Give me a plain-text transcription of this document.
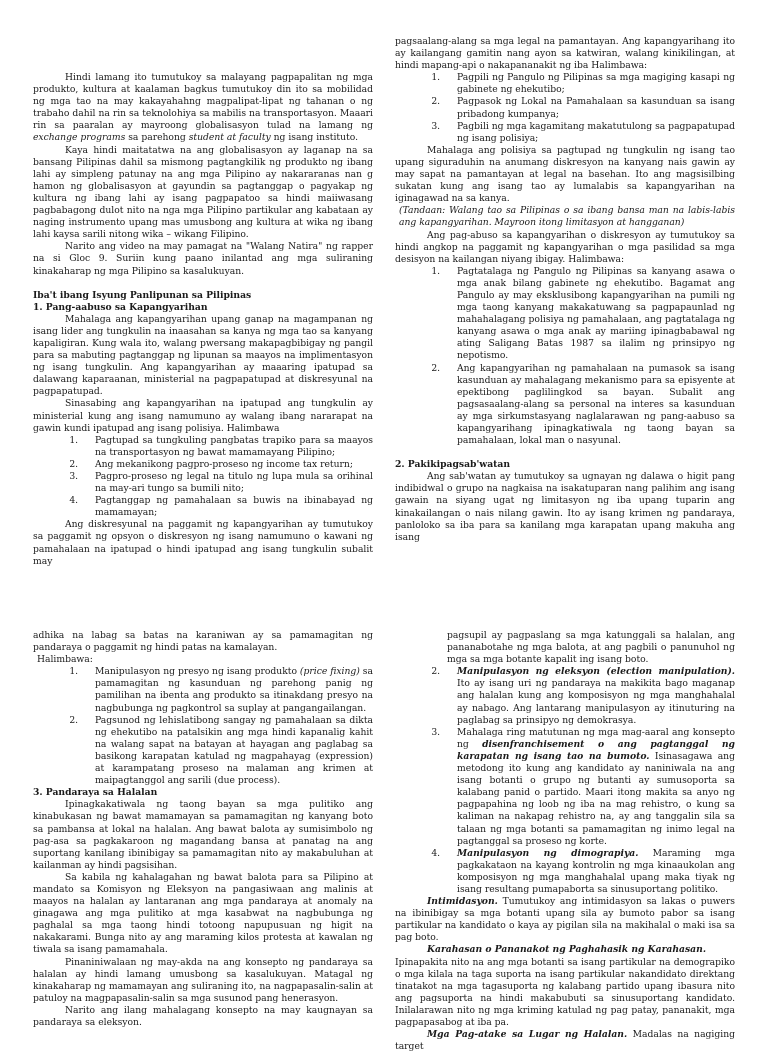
Hindi lamang ito tumutukoy sa malayang pagpapalitan ng mga produkto, kultura at kaalaman bagkus tumutukoy din ito sa mobilidad ng mga tao na may kakayahahng magpalipat-lipat ng tahanan o ng trabaho dahil na rin sa teknolohiya sa mabilis na transportasyon. Maaari rin sa paaralan ay mayroong globalisasyon tulad na lamang ng exchange programs sa parehong student at faculty ng isang instituto.

Kaya hindi maitatatwa na ang globalisasyon ay laganap na sa bansang Pilipinas dahil sa mismong pagtangkilik ng produkto ng ibang lahi ay simpleng patunay na ang mga Pilipino ay nakararanas nan g hamon ng globalisasyon at gayundin sa pagtanggap o pagyakap ng kultura ng ibang lahi ay isang pagpapatoo sa hindi maiiwasang pagbabagong dulot nito na nga mga Pilipino partikular ang kabataan ay naging instrumento upang mas umusbong ang kultura at wika ng ibang lahi kaysa sarili nitong wika – wikang Filipino.

Narito ang video na may pamagat na "Walang Natira" ng rapper na si Gloc 9. Suriin kung paano inilantad ang mga suliraning kinakaharap ng mga Pilipino sa kasalukuyan.

Iba't ibang Isyung Panlipunan sa Pilipinas

1. Pang-aabuso sa Kapangyarihan

Mahalaga ang kapangyarihan upang ganap na magampanan ng isang lider ang tungkulin na inaasahan sa kanya ng mga tao sa kanyang kapaligiran. Kung wala ito, walang pwersang makapagbibigay ng pangil para sa mabuting pagtanggap ng lipunan sa maayos na implimentasyon ng isang tungkulin. Ang kapangyarihan ay maaaring ipatupad sa dalawang kaparaanan, ministerial na pagpapatupad at diskresyunal na pagpapatupad.

Sinasabing ang kapangyarihan na ipatupad ang tungkulin ay ministerial kung ang isang namumuno ay walang ibang nararapat na gawin kundi ipatupad ang isang polisiya. Halimbawa

1. Pagtupad sa tungkuling pangbatas trapiko para sa maayos na transportasyon ng bawat mamamayang Pilipino;
2. Ang mekanikong pagpro-proseso ng income tax return;
3. Pagpro-proseso ng legal na titulo ng lupa mula sa orihinal na may-ari tungo sa bumili nito;
4. Pagtanggap ng pamahalaan sa buwis na ibinabayad ng mamamayan;

Ang diskresyunal na paggamit ng kapangyarihan ay tumutukoy sa paggamit ng opsyon o diskresyon ng isang namumuno o kawani ng pamahalaan na ipatupad o hindi ipatupad ang isang tungkulin subalit may

pagsaalang-alang sa mga legal na pamantayan. Ang kapangyarihang ito ay kailangang gamitin nang ayon sa katwiran, walang kinikilingan, at hindi mapang-api o nakapananakit ng iba Halimbawa:

1. Pagpili ng Pangulo ng Pilipinas sa mga magiging kasapi ng gabinete ng ehekutibo;
2. Pagpasok ng Lokal na Pamahalaan sa kasunduan sa isang pribadong kumpanya;
3. Pagbili ng mga kagamitang makatutulong sa pagpapatupad ng isang polisiya;

Mahalaga ang polisiya sa pagtupad ng tungkulin ng isang tao upang siguraduhin na anumang diskresyon na kanyang nais gawin ay may sapat na pamantayan at legal na basehan. Ito ang magsisilbing sukatan kung ang isang tao ay lumalabis sa kapangyarihan na iginagawad na sa kanya.

(Tandaan: Walang tao sa Pilipinas o sa ibang bansa man na labis-labis ang kapangyarihan. Mayroon itong limitasyon at hangganan)

Ang pag-abuso sa kapangyarihan o diskresyon ay tumutukoy sa hindi angkop na paggamit ng kapangyarihan o mga pasilidad sa mga desisyon na kailangan niyang ibigay. Halimbawa:

1. Pagtatalaga ng Pangulo ng Pilipinas sa kanyang asawa o mga anak bilang gabinete ng ehekutibo. Bagamat ang Pangulo ay may eksklusibong kapangyarihan na pumili ng mga taong kanyang makakatuwang sa pagpapaunlad ng mahahalagang polisiya ng pamahalaan, ang pagtatalaga ng kanyang asawa o mga anak ay mariing ipinagbabawal ng ating Saligang Batas 1987 sa ilalim ng prinsipyo ng nepotismo.
2. Ang kapangyarihan ng pamahalaan na pumasok sa isang kasunduan ay mahalagang mekanismo para sa episyente at epektibong paglilingkod sa bayan. Subalit ang pagsasaalang-alang sa personal na interes sa kasunduan ay mga sirkumstasyang naglalarawan ng pang-aabuso sa kapangyarihang ipinagkatiwala ng taong bayan sa pamahalaan, lokal man o nasyunal.

2. Pakikipagsab'watan

Ang sab'watan ay tumutukoy sa ugnayan ng dalawa o higit pang indibidwal o grupo na nagkaisa na isakatuparan nang palihim ang isang gawain na siyang ugat ng limitasyon ng iba upang tuparin ang kinakailangan o nais nilang gawin. Ito ay isang krimen ng pandaraya, panloloko sa iba para sa kanilang mga karapatan upang makuha ang isang

adhika na labag sa batas na karaniwan ay sa pamamagitan ng pandaraya o paggamit ng hindi patas na kamalayan.

Halimbawa:

1. Manipulasyon ng presyo ng isang produkto (price fixing) sa pamamagitan ng kasunduan ng parehong panig ng pamilihan na ibenta ang produkto sa itinakdang presyo na nagbubunga ng pagkontrol sa suplay at pangangailangan.
2. Pagsunod ng lehislatibong sangay ng pamahalaan sa dikta ng ehekutibo na patalsikin ang mga hindi kapanalig kahit na walang sapat na batayan at hayagan ang paglabag sa basikong karapatan katulad ng magpahayag (expression) at karampatang proseso na malaman ang krimen at maipagtanggol ang sarili (due process).

3. Pandaraya sa Halalan

Ipinagkakatiwala ng taong bayan sa mga pulitiko ang kinabukasan ng bawat mamamayan sa pamamagitan ng kanyang boto sa pambansa at lokal na halalan. Ang bawat balota ay sumisimbolo ng pag-asa sa pagkakaroon ng magandang bansa at panatag na ang suportang kanilang ibinibigay sa pamamagitan nito ay makabuluhan at kailanman ay hindi pagsisihan.

Sa kabila ng kahalagahan ng bawat balota para sa Pilipino at mandato sa Komisyon ng Eleksyon na pangasiwaan ang malinis at maayos na halalan ay lantaranan ang mga pandaraya at anomaly na ginagawa ang mga pulitiko at mga kasabwat na nagbubunga ng paghalal sa mga taong hindi totoong napupusuan ng higit na nakakarami. Bunga nito ay ang maraming kilos protesta at kawalan ng tiwala sa isang pamamahala.

Pinaniniwalaan ng may-akda na ang konsepto ng pandaraya sa halalan ay hindi lamang umusbong sa kasalukuyan. Matagal ng kinakaharap ng mamamayan ang suliraning ito, na nagpapasalin-salin at patuloy na magpapasalin-salin sa mga susunod pang henerasyon.

Narito ang ilang mahalagang konsepto na may kaugnayan sa pandaraya sa eleksyon.

pagsupil ay pagpaslang sa mga katunggali sa halalan, ang pananabotahe ng mga balota, at ang pagbili o panunuhol ng mga sa mga botante kapalit ing isang boto.

2. Manipulasyon ng eleksyon (election manipulation). Ito ay isang uri ng pandaraya na makikita bago maganap ang halalan kung ang komposisyon ng mga manghahalal ay nabago. Ang lantarang manipulasyon ay itinuturing na paglabag sa prinsipyo ng demokrasya.
3. Mahalaga ring matutunan ng mga mag-aaral ang konsepto ng disenfranchisement o ang pagtanggal ng karapatan ng isang tao na bumoto. Isinasagawa ang metodong ito kung ang kandidato ay naniniwala na ang isang botanti o grupo ng butanti ay sumusoporta sa kalabang panid o partido. Maari itong makita sa anyo ng pagpapahina ng loob ng iba na mag rehistro, o kung sa kaliman na nakapag rehistro na, ay ang tanggalin sila sa talaan ng mga botanti sa pamamagitan ng inimo legal na pagtanggal sa proseso ng korte.
4. Manipulasyon ng dimograpiya. Maraming mga pagkakataon na kayang kontrolin ng mga kinaaukolan ang komposisyon ng mga manghahalal upang maka tiyak ng isang resultang pumapaborta sa sinusuportang politiko.

Intimidasyon. Tumutukoy ang intimidasyon sa lakas o puwers na ibinibigay sa mga botanti upang sila ay bumoto pabor sa isang partikular na kandidato o kaya ay pigilan sila na makihalal o maki isa sa pag boto.

Karahasan o Pananakot ng Paghahasik ng Karahasan.

Ipinapakita nito na ang mga botanti sa isang partikular na demograpiko o mga kilala na taga suporta na isang partikular nakandidato direktang tinatakot na mga tagasuporta ng kalabang partido upang ibasura nito ang pagsuporta na hindi makabubuti sa sinusuportang kandidato. Inilalarawan nito ng mga kriming katulad ng pag patay, pananakit, mga pagpapasabog at iba pa.

Mga Pag-atake sa Lugar ng Halalan. Madalas na nagiging target
